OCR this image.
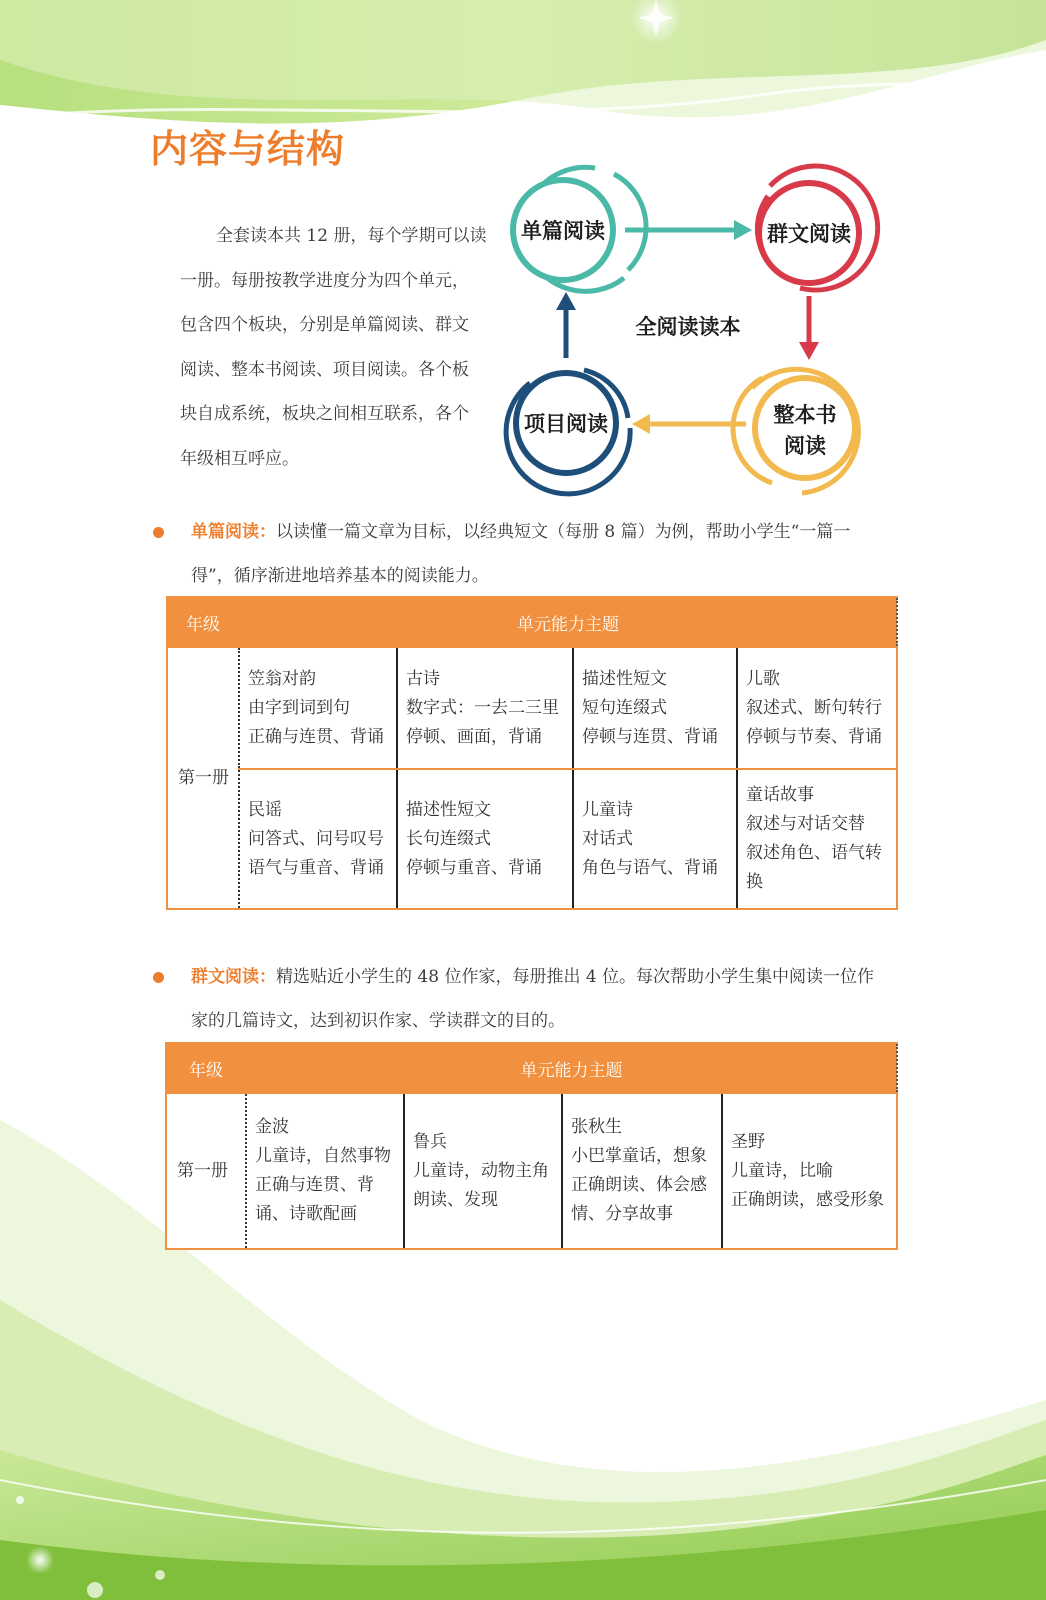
内容与结构
全套读本共 12 册，每个学期可以读
一册。每册按教学进度分为四个单元，
包含四个板块，分别是单篇阅读、群文
阅读、整本书阅读、项目阅读。各个板
块自成系统，板块之间相互联系，各个
年级相互呼应。
单篇阅读	群文阅读
整本书
阅读
项目阅读
全阅读读本
单篇阅读：以读懂一篇文章为目标，以经典短文（每册 8 篇）为例，帮助小学生“一篇一
得”，循序渐进地培养基本的阅读能力。
年级	单元能力主题			
第一册	笠翁对韵
由字到词到句
正确与连贯、背诵	古诗
数字式：一去二三里
停顿、画面，背诵	描述性短文
短句连缀式
停顿与连贯、背诵	儿歌
叙述式、断句转行
停顿与节奏、背诵

	民谣
问答式、问号叹号
语气与重音、背诵	描述性短文
长句连缀式
停顿与重音、背诵	儿童诗
对话式
角色与语气、背诵	童话故事
叙述与对话交替
叙述角色、语气转
换
群文阅读：精选贴近小学生的 48 位作家，每册推出 4 位。每次帮助小学生集中阅读一位作
家的几篇诗文，达到初识作家、学读群文的目的。
年级	单元能力主题			
第一册	金波
儿童诗，自然事物
正确与连贯、背
诵、诗歌配画	鲁兵
儿童诗，动物主角
朗读、发现	张秋生
小巴掌童话，想象
正确朗读、体会感
情、分享故事	圣野
儿童诗，比喻
正确朗读，感受形象
